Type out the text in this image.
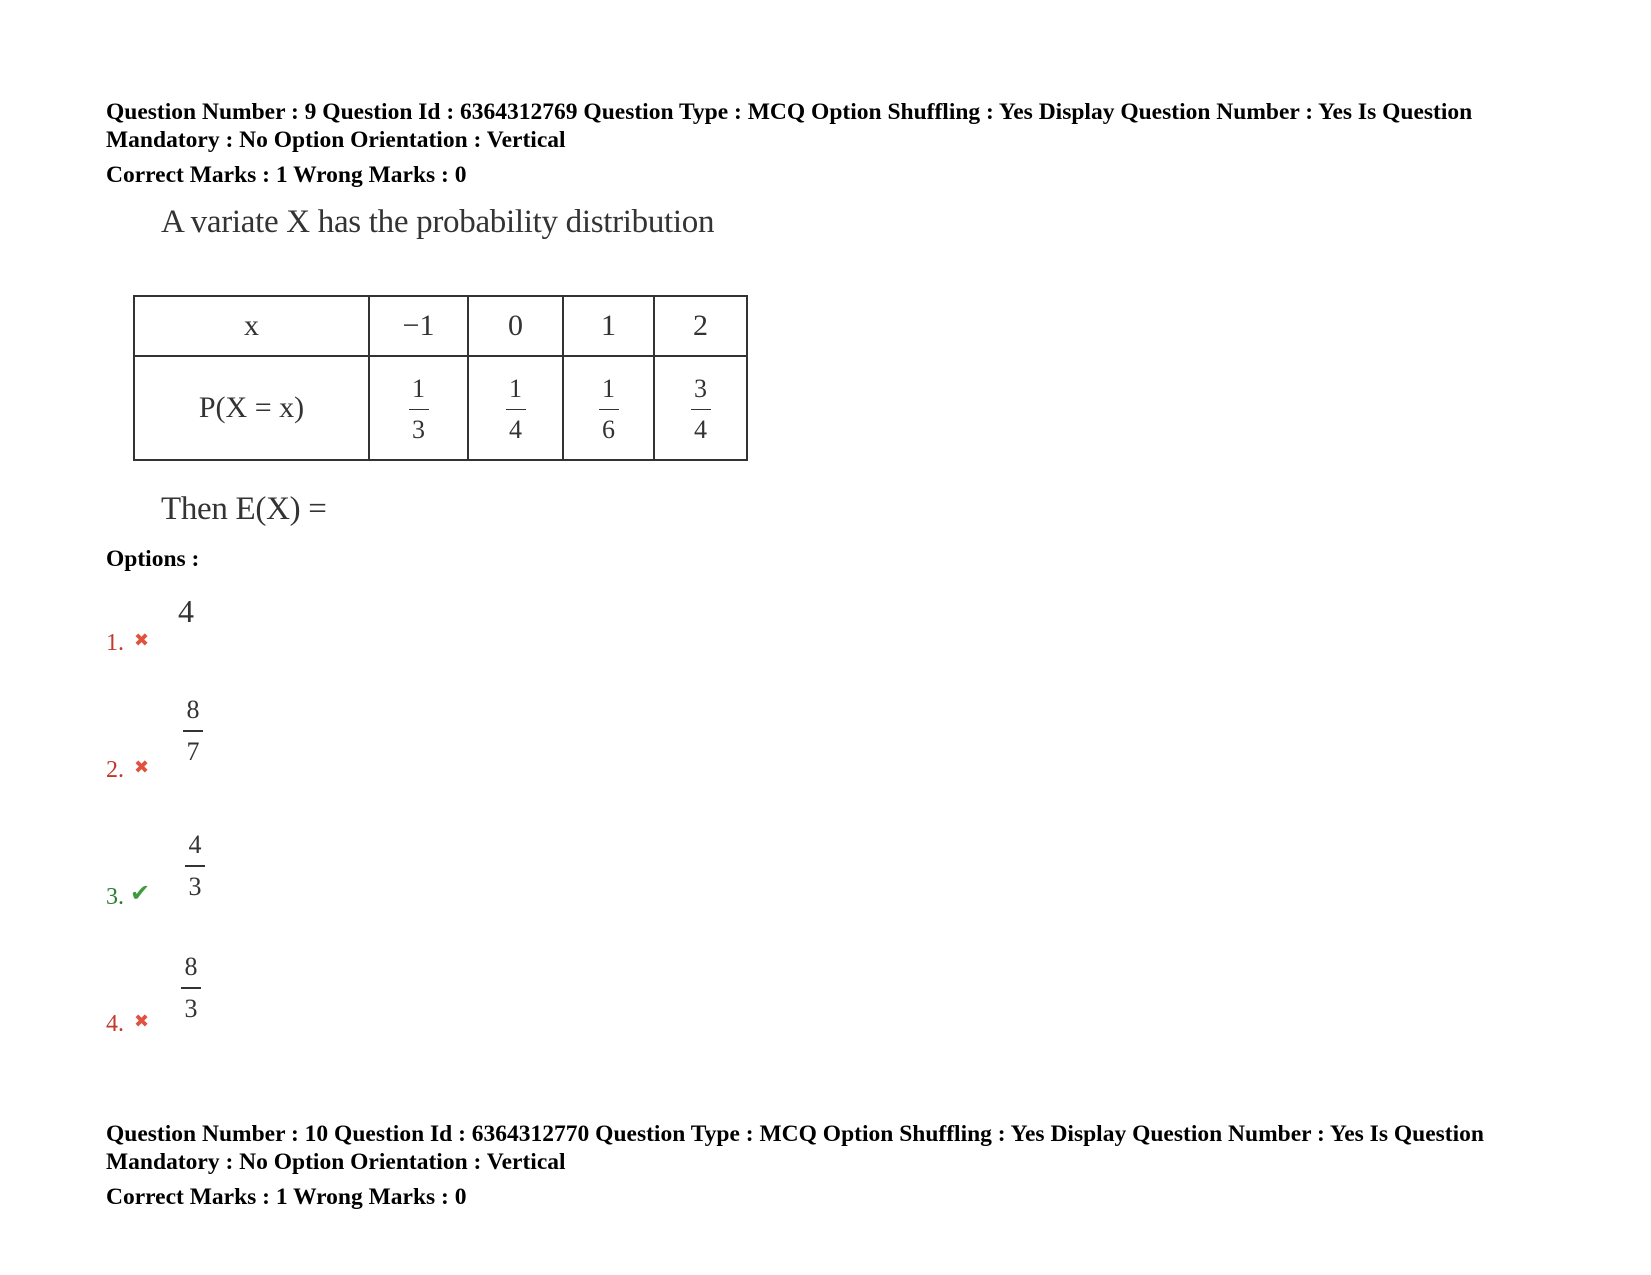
Question Number : 9 Question Id : 6364312769 Question Type : MCQ Option Shuffling : Yes Display Question Number : Yes Is Question Mandatory : No Option Orientation : Vertical
Correct Marks : 1 Wrong Marks : 0
A variate X has the probability distribution
x	−1	0	1	2
P(X = x)	$\frac{1}{3}$	$\frac{1}{4}$	$\frac{1}{6}$	$\frac{3}{4}$
Then E(X) =
Options :
1. ✖
4
2. ✖
$\frac{8}{7}$
3. ✔ $\frac{4}{3}$
4. ✖ $\frac{8}{3}$
Question Number : 10 Question Id : 6364312770 Question Type : MCQ Option Shuffling : Yes Display Question Number : Yes Is Question Mandatory : No Option Orientation : Vertical
Correct Marks : 1 Wrong Marks : 0
